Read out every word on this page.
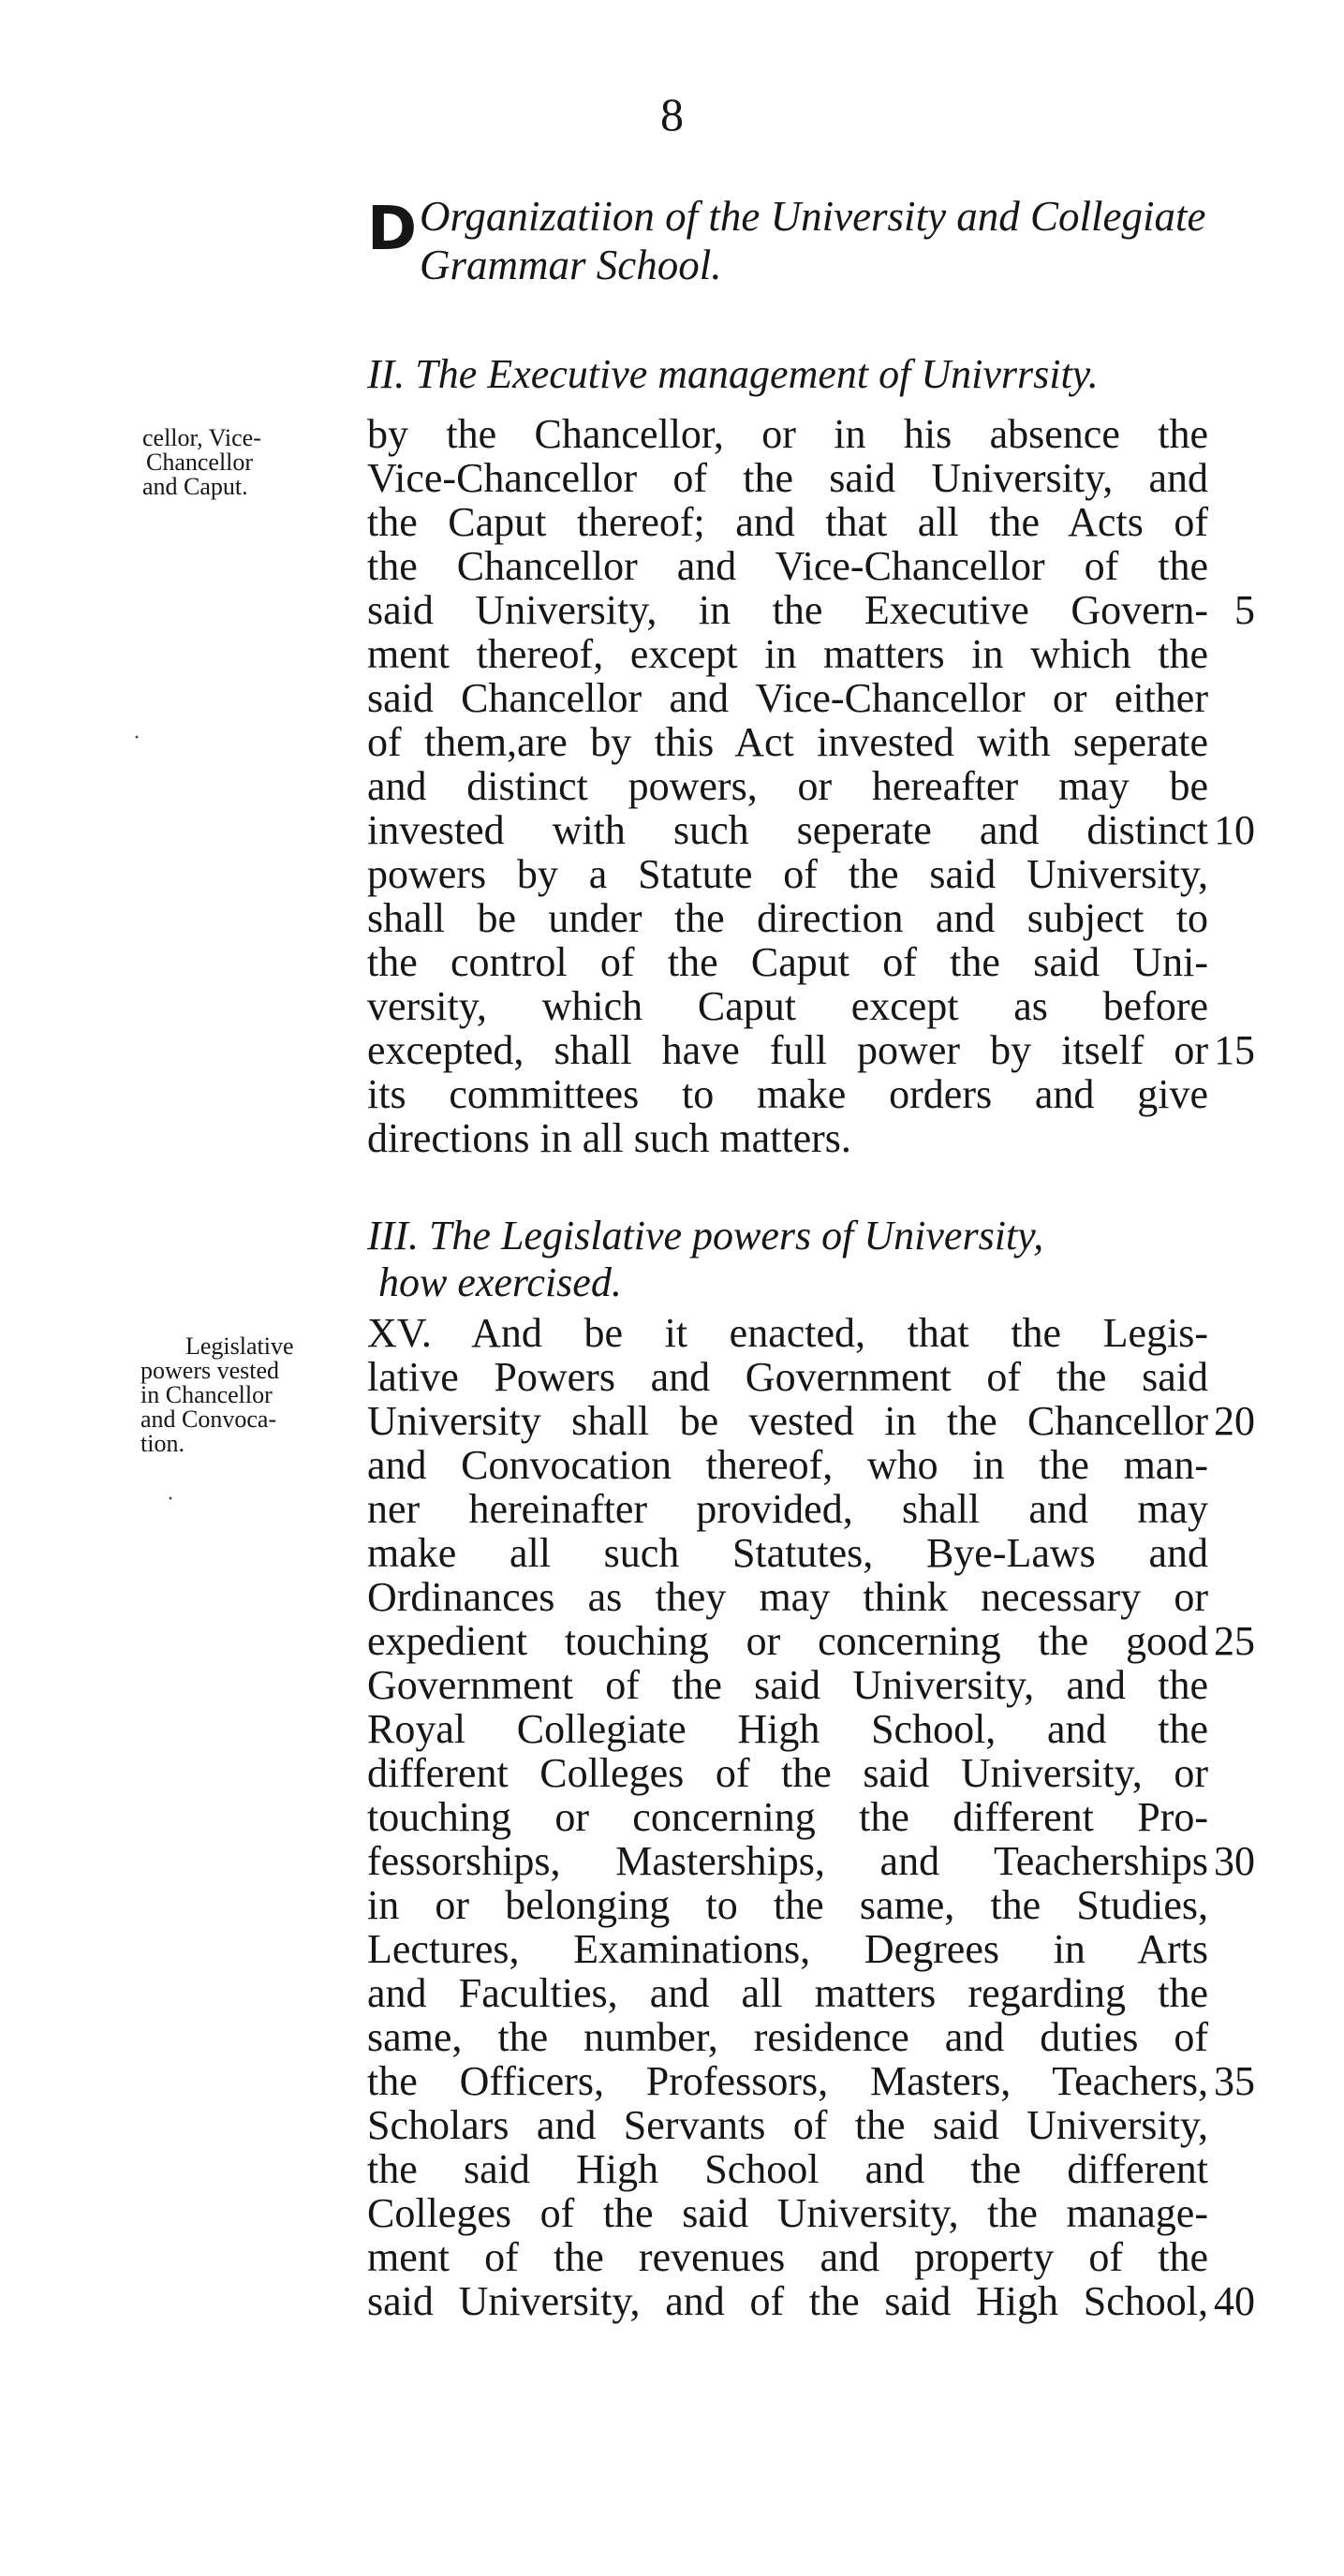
8
D Organizatiion of the University and Collegiate Grammar School.
II. The Executive management of Univrrsity.
III. The Legislative powers of University,
how exercised.
cellor, Vice-
Chancellor
and Caput.
Legislative
powers vested
in Chancellor
and Convoca-
tion.
·
·
by the Chancellor, or in his absence the
Vice-Chancellor of the said University, and
the Caput thereof; and that all the Acts of
the Chancellor and Vice-Chancellor of the
said University, in the Executive Govern-
ment thereof, except in matters in which the
said Chancellor and Vice-Chancellor or either
of them,are by this Act invested with seperate
and distinct powers, or hereafter may be
invested with such seperate and distinct
powers by a Statute of the said University,
shall be under the direction and subject to
the control of the Caput of the said Uni-
versity, which Caput except as before
excepted, shall have full power by itself or
its committees to make orders and give
directions in all such matters.
XV. And be it enacted, that the Legis-
lative Powers and Government of the said
University shall be vested in the Chancellor
and Convocation thereof, who in the man-
ner hereinafter provided, shall and may
make all such Statutes, Bye-Laws and
Ordinances as they may think necessary or
expedient touching or concerning the good
Government of the said University, and the
Royal Collegiate High School, and the
different Colleges of the said University, or
touching or concerning the different Pro-
fessorships, Masterships, and Teacherships
in or belonging to the same, the Studies,
Lectures, Examinations, Degrees in Arts
and Faculties, and all matters regarding the
same, the number, residence and duties of
the Officers, Professors, Masters, Teachers,
Scholars and Servants of the said University,
the said High School and the different
Colleges of the said University, the manage-
ment of the revenues and property of the
said University, and of the said High School,
5
10
15
20
25
30
35
40
